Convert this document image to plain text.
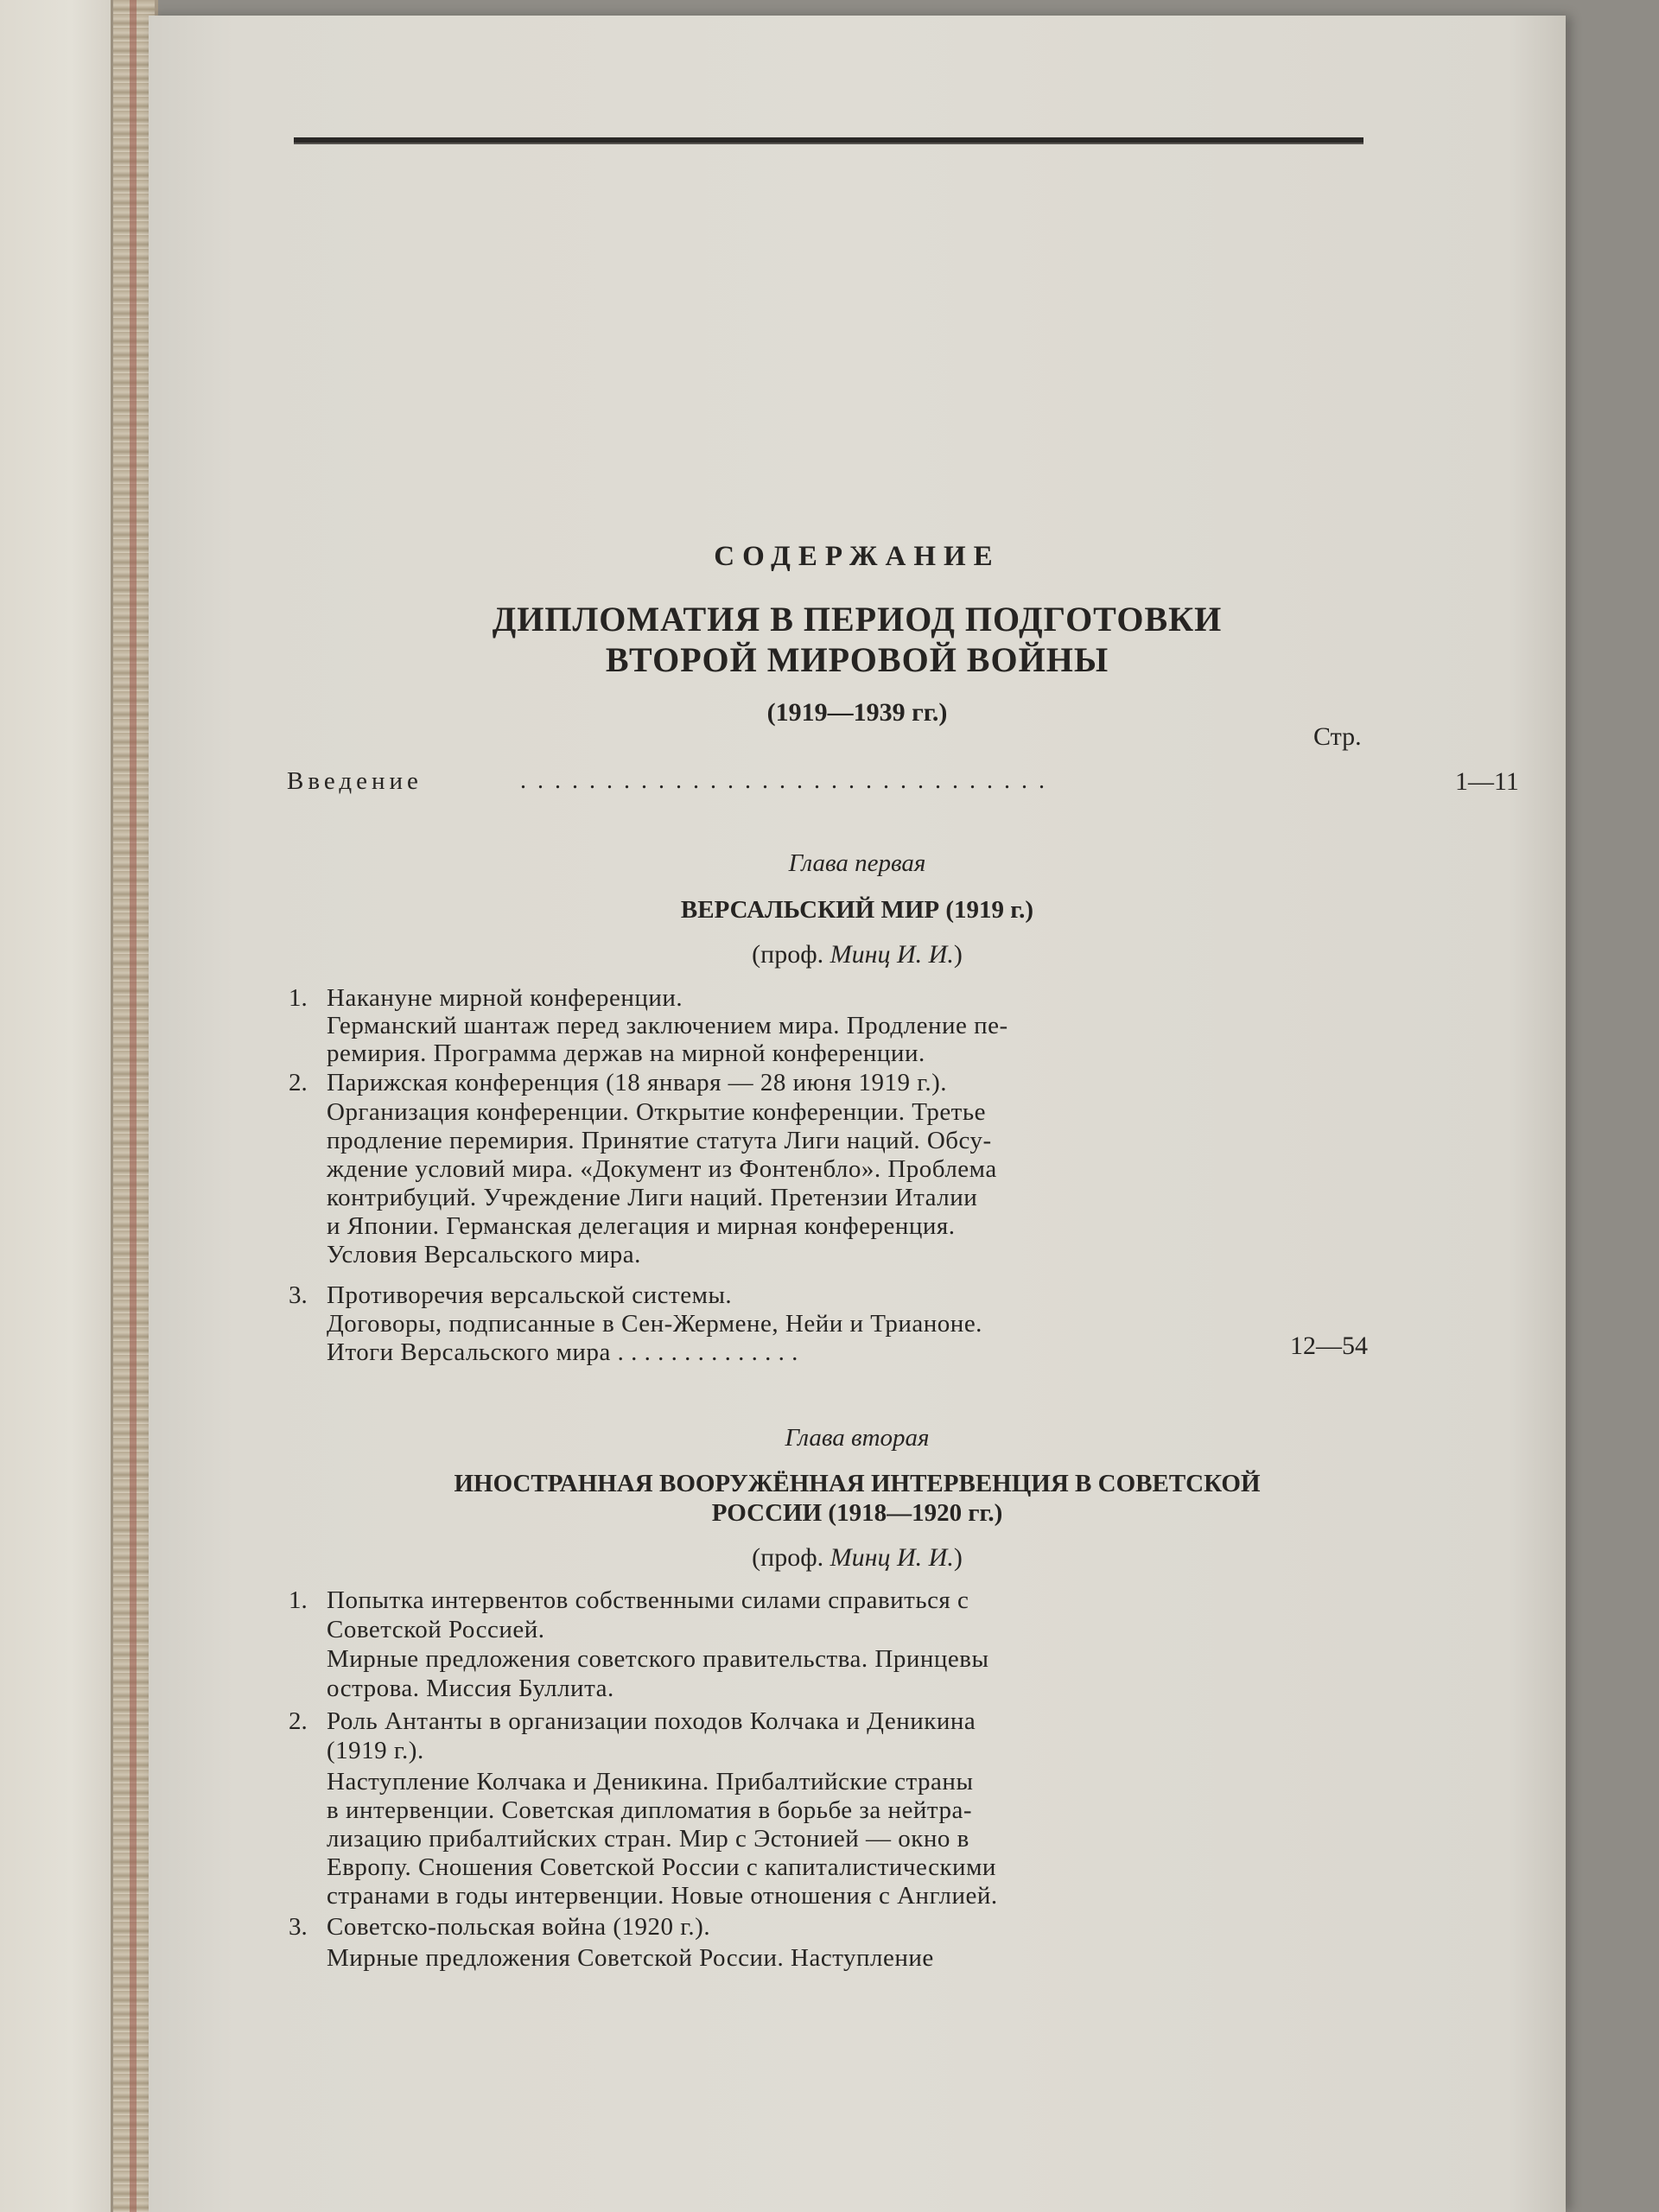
СОДЕРЖАНИЕ
ДИПЛОМАТИЯ В ПЕРИОД ПОДГОТОВКИ
ВТОРОЙ МИРОВОЙ ВОЙНЫ
(1919—1939 гг.)
Стр.
Введение	. . . . . . . . . . . . . . . . . . . . . . . . . . . . . . .	1—11
Глава первая
ВЕРСАЛЬСКИЙ МИР (1919 г.)
(проф. Минц И. И.)
1. Накануне мирной конференции.
Германский шантаж перед заключением мира. Продление пе-
ремирия. Программа держав на мирной конференции.
2. Парижская конференция (18 января — 28 июня 1919 г.).
Организация конференции. Открытие конференции. Третье
продление перемирия. Принятие статута Лиги наций. Обсу-
ждение условий мира. «Документ из Фонтенбло». Проблема
контрибуций. Учреждение Лиги наций. Претензии Италии
и Японии. Германская делегация и мирная конференция.
Условия Версальского мира.
3. Противоречия версальской системы.
Договоры, подписанные в Сен-Жермене, Нейи и Трианоне.
Итоги Версальского мира . . . . . . . . . . . . . .	12—54
Глава вторая
ИНОСТРАННАЯ ВООРУЖЁННАЯ ИНТЕРВЕНЦИЯ В СОВЕТСКОЙ
РОССИИ (1918—1920 гг.)
(проф. Минц И. И.)
1. Попытка интервентов собственными силами справиться с
Советской Россией.
Мирные предложения советского правительства. Принцевы
острова. Миссия Буллита.
2. Роль Антанты в организации походов Колчака и Деникина
(1919 г.).
Наступление Колчака и Деникина. Прибалтийские страны
в интервенции. Советская дипломатия в борьбе за нейтра-
лизацию прибалтийских стран. Мир с Эстонией — окно в
Европу. Сношения Советской России с капиталистическими
странами в годы интервенции. Новые отношения с Англией.
3. Советско-польская война (1920 г.).
Мирные предложения Советской России. Наступление
